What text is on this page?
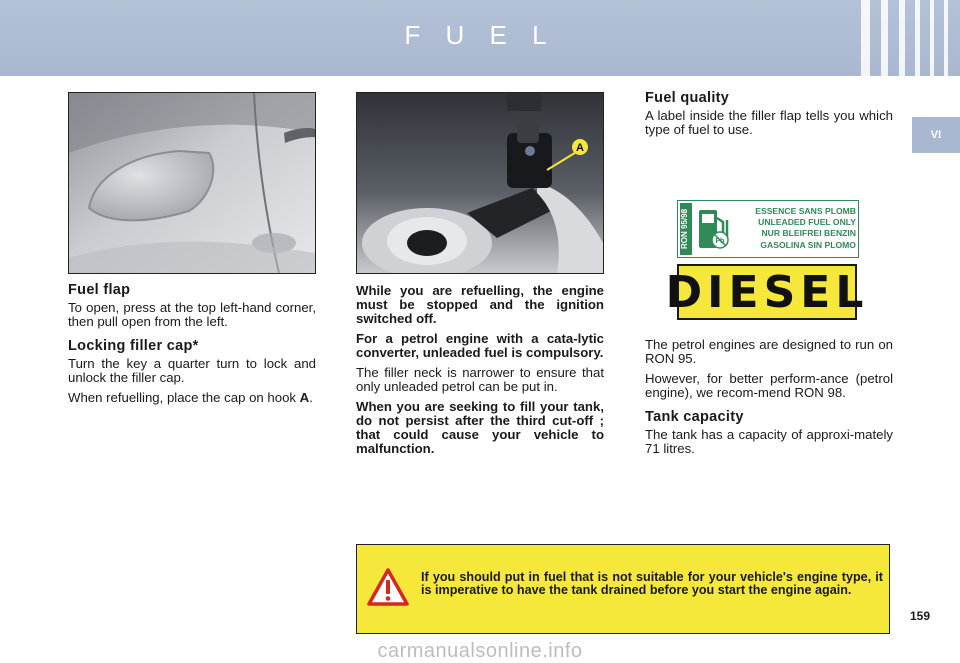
F U E L
VI
A
Fuel flap

To open, press at the top left-hand corner, then pull open from the left.

Locking filler cap*

Turn the key a quarter turn to lock and unlock the filler cap.

When refuelling, place the cap on hook A.

While you are refuelling, the engine must be stopped and the ignition switched off.

For a petrol engine with a cata-lytic converter, unleaded fuel is compulsory.

The filler neck is narrower to ensure that only unleaded petrol can be put in.

When you are seeking to fill your tank, do not persist after the third cut-off ; that could cause your vehicle to malfunction.

Fuel quality

A label inside the filler flap tells you which type of fuel to use.

RON 95/98	Pb
ESSENCE SANS PLOMB
UNLEADED FUEL ONLY
NUR BLEIFREI BENZIN
GASOLINA SIN PLOMO
DIESEL

The petrol engines are designed to run on RON 95.

However, for better perform-ance (petrol engine), we recom-mend RON 98.

Tank capacity

The tank has a capacity of approxi-mately 71 litres.

If you should put in fuel that is not suitable for your vehicle's engine type, it is imperative to have the tank drained before you start the engine again.
159
carmanualsonline.info
